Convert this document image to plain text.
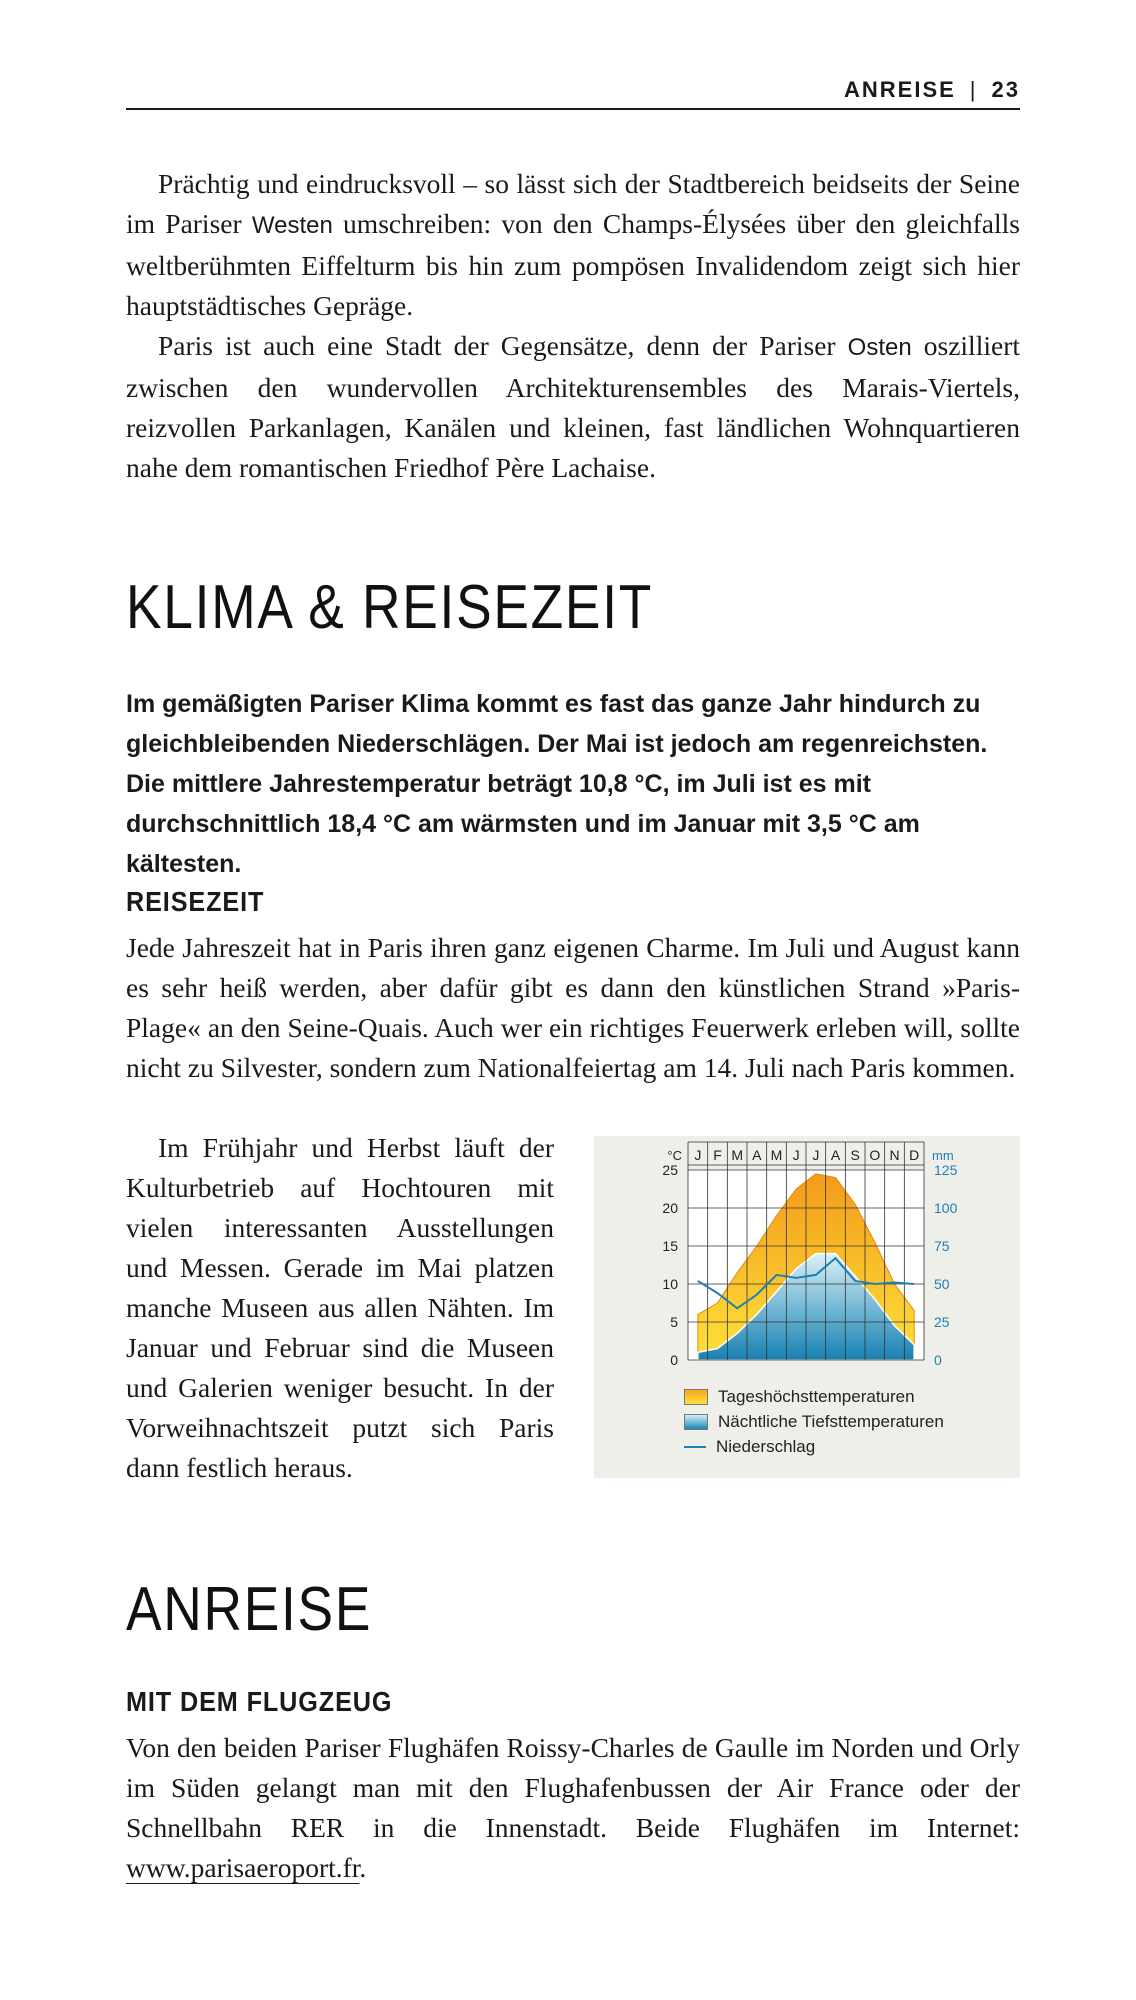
ANREISE | 23

Prächtig und eindrucksvoll – so lässt sich der Stadtbereich beidseits der Seine im Pariser Westen umschreiben: von den Champs-Élysées über den gleichfalls weltberühmten Eiffelturm bis hin zum pompösen Invalidendom zeigt sich hier hauptstädtisches Gepräge.

Paris ist auch eine Stadt der Gegensätze, denn der Pariser Osten oszilliert zwischen den wundervollen Architekturensembles des Marais-Viertels, reizvollen Parkanlagen, Kanälen und kleinen, fast ländlichen Wohnquartieren nahe dem romantischen Friedhof Père Lachaise.

KLIMA & REISEZEIT

Im gemäßigten Pariser Klima kommt es fast das ganze Jahr hindurch zu gleichbleibenden Niederschlägen. Der Mai ist jedoch am regenreichsten. Die mittlere Jahrestemperatur beträgt 10,8 °C, im Juli ist es mit durchschnittlich 18,4 °C am wärmsten und im Januar mit 3,5 °C am kältesten.

REISEZEIT

Jede Jahreszeit hat in Paris ihren ganz eigenen Charme. Im Juli und August kann es sehr heiß werden, aber dafür gibt es dann den künstlichen Strand »Paris-Plage« an den Seine-Quais. Auch wer ein richtiges Feuerwerk erleben will, sollte nicht zu Silvester, sondern zum Nationalfeiertag am 14. Juli nach Paris kommen.

Im Frühjahr und Herbst läuft der Kulturbetrieb auf Hochtouren mit vielen interessanten Ausstellungen und Messen. Gerade im Mai platzen manche Museen aus allen Nähten. Im Januar und Februar sind die Museen und Galerien weniger besucht. In der Vorweihnachtszeit putzt sich Paris dann festlich heraus.

J F M A M J J A S O N D
°C	mm
0
5
10
15
20
25
0
25
50
75
100
125
Tageshöchsttemperaturen
Nächtliche Tiefsttemperaturen
Niederschlag
ANREISE
MIT DEM FLUGZEUG

Von den beiden Pariser Flughäfen Roissy-Charles de Gaulle im Norden und Orly im Süden gelangt man mit den Flughafenbussen der Air France oder der Schnellbahn RER in die Innenstadt. Beide Flughäfen im Internet: www.parisaeroport.fr.
